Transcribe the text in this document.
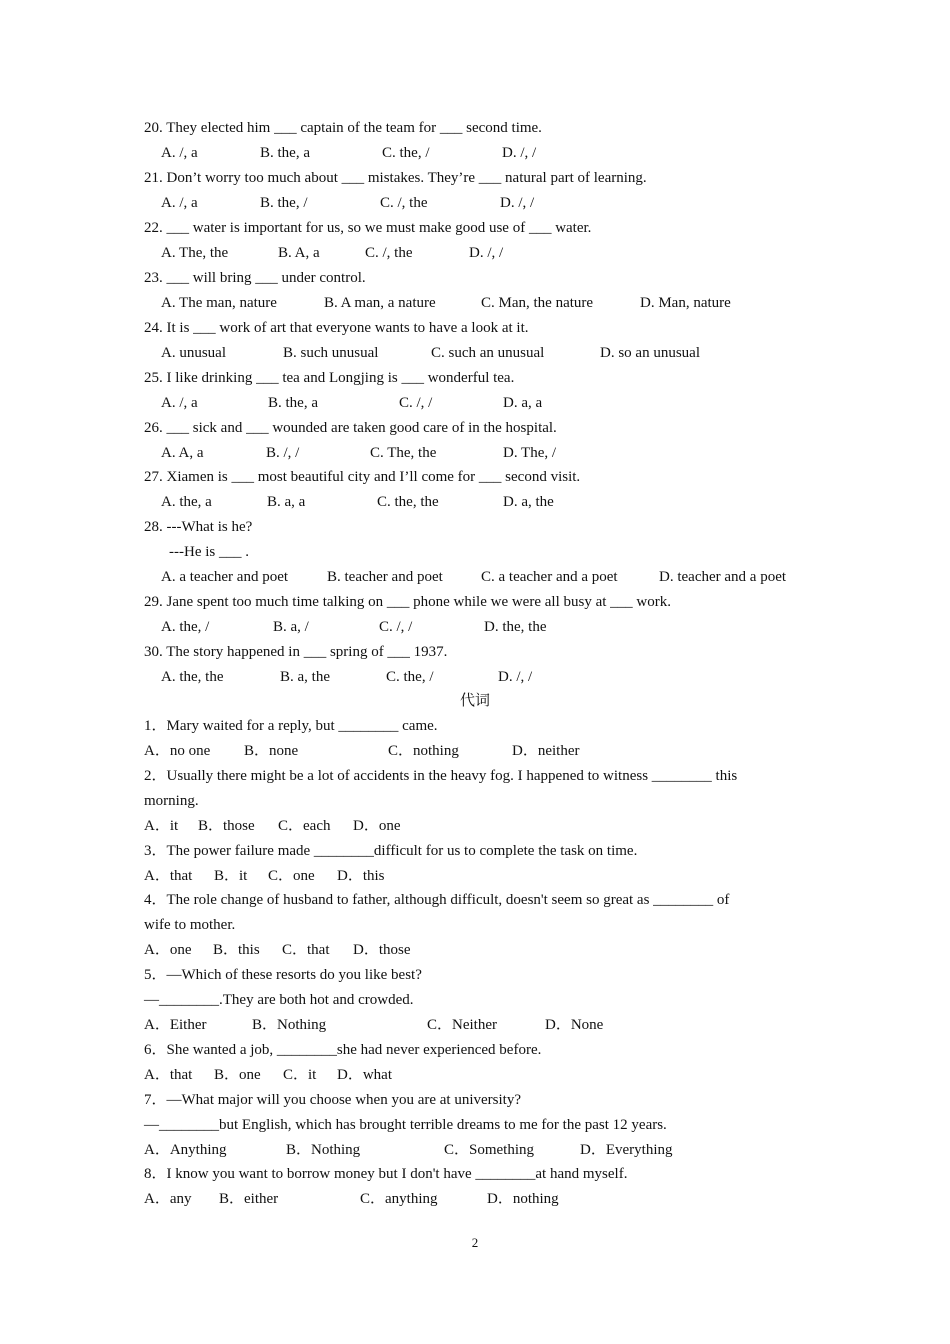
20. They elected him ___ captain of the team for ___ second time.
A. /, a	B. the, a	C. the, /	D. /, /
21. Don’t worry too much about ___ mistakes. They’re ___ natural part of learning.
A. /, a	B. the, /	C. /, the	D. /, /
22. ___ water is important for us, so we must make good use of ___ water.
A. The, the	B. A, a	C. /, the	D. /, /
23. ___ will bring ___ under control.
A. The man, nature	B. A man, a nature	C. Man, the nature	D. Man, nature
24. It is ___ work of art that everyone wants to have a look at it.
A. unusual	B. such unusual	C. such an unusual	D. so an unusual
25. I like drinking ___ tea and Longjing is ___ wonderful tea.
A. /, a	B. the, a	C. /, /	D. a, a
26. ___ sick and ___ wounded are taken good care of in the hospital.
A. A, a	B. /, /	C. The, the	D. The, /
27. Xiamen is ___ most beautiful city and I’ll come for ___ second visit.
A. the, a	B. a, a	C. the, the	D. a, the
28. ---What is he?
---He is ___ .
A. a teacher and poet	B. teacher and poet	C. a teacher and a poet	D. teacher and a poet
29. Jane spent too much time talking on ___ phone while we were all busy at ___ work.
A. the, /	B. a, /	C. /, /	D. the, the
30. The story happened in ___ spring of ___ 1937.
A. the, the	B. a, the	C. the, /	D. /, /
代词
1．Mary waited for a reply, but ________ came.
A．no one B．none	C．nothing	D．neither
2．Usually there might be a lot of accidents in the heavy fog. I happened to witness ________ this
morning.
A．it B．those C．each D．one
3．The power failure made ________difficult for us to complete the task on time.
A．that B．it C．one D．this
4．The role change of husband to father, although difficult, doesn't seem so great as ________ of
wife to mother.
A．one B．this C．that D．those
5．—Which of these resorts do you like best?
—________.They are both hot and crowded.
A．Either	B．Nothing	C．Neither	D．None
6．She wanted a job, ________she had never experienced before.
A．that B．one C．it D．what
7．—What major will you choose when you are at university?
—________but English, which has brought terrible dreams to me for the past 12 years.
A．Anything	B．Nothing	C．Something	D．Everything
8．I know you want to borrow money but I don't have ________at hand myself.
A．any B．either	C．anything	D．nothing
2
